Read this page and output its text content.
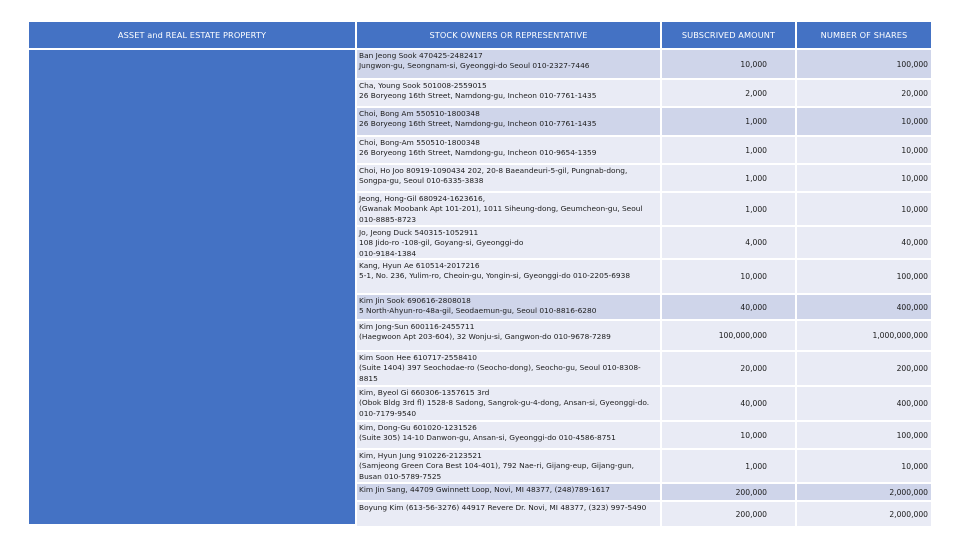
ASSET and REAL ESTATE PROPERTY	STOCK OWNERS OR REPRESENTATIVE	SUBSCRIVED AMOUNT	NUMBER OF SHARES
Ban Jeong Sook 470425-2482417
Jungwon-gu, Seongnam-si, Gyeonggi-do Seoul 010-2327-7446	10,000	100,000
Cha, Young Sook 501008-2559015
26 Boryeong 16th Street, Namdong-gu, Incheon 010-7761-1435	2,000	20,000
Choi, Bong Am 550510-1800348
26 Boryeong 16th Street, Namdong-gu, Incheon 010-7761-1435	1,000	10,000
Choi, Bong-Am 550510-1800348
26 Boryeong 16th Street, Namdong-gu, Incheon 010-9654-1359	1,000	10,000
Choi, Ho Joo 80919-1090434 202, 20-8 Baeandeuri-5-gil, Pungnab-dong, Songpa-gu, Seoul 010-6335-3838	1,000	10,000
Jeong, Hong-Gil 680924-1623616,
(Gwanak Moobank Apt 101-201), 1011 Siheung-dong, Geumcheon-gu, Seoul 010-8885-8723
1,000	10,000
Jo, Jeong Duck 540315-1052911
108 Jido-ro -108-gil, Goyang-si, Gyeonggi-do
010-9184-1384
4,000	40,000
Kang, Hyun Ae 610514-2017216
5-1, No. 236, Yulim-ro, Cheoin-gu, Yongin-si, Gyeonggi-do 010-2205-6938	10,000	100,000
Kim Jin Sook 690616-2808018
5 North-Ahyun-ro-48a-gil, Seodaemun-gu, Seoul 010-8816-6280	40,000	400,000
Kim Jong-Sun 600116-2455711
(Haegwoon Apt 203-604), 32 Wonju-si, Gangwon-do 010-9678-7289	100,000,000	1,000,000,000
Kim Soon Hee 610717-2558410
(Suite 1404) 397 Seochodae-ro (Seocho-dong), Seocho-gu, Seoul 010-8308-8815
20,000	200,000
Kim, Byeol Gi 660306-1357615 3rd
(Obok Bldg 3rd fl) 1528-8 Sadong, Sangrok-gu-4-dong, Ansan-si, Gyeonggi-do. 010-7179-9540
40,000	400,000
Kim, Dong-Gu 601020-1231526
(Suite 305) 14-10 Danwon-gu, Ansan-si, Gyeonggi-do 010-4586-8751	10,000	100,000
Kim, Hyun Jung 910226-2123521
(Samjeong Green Cora Best 104-401), 792 Nae-ri, Gijang-eup, Gijang-gun, Busan 010-5789-7525
1,000	10,000
Kim Jin Sang, 44709 Gwinnett Loop, Novi, MI 48377, (248)789-1617	200,000	2,000,000
Boyung Kim (613-56-3276) 44917 Revere Dr. Novi, MI 48377, (323) 997-5490
200,000	2,000,000
